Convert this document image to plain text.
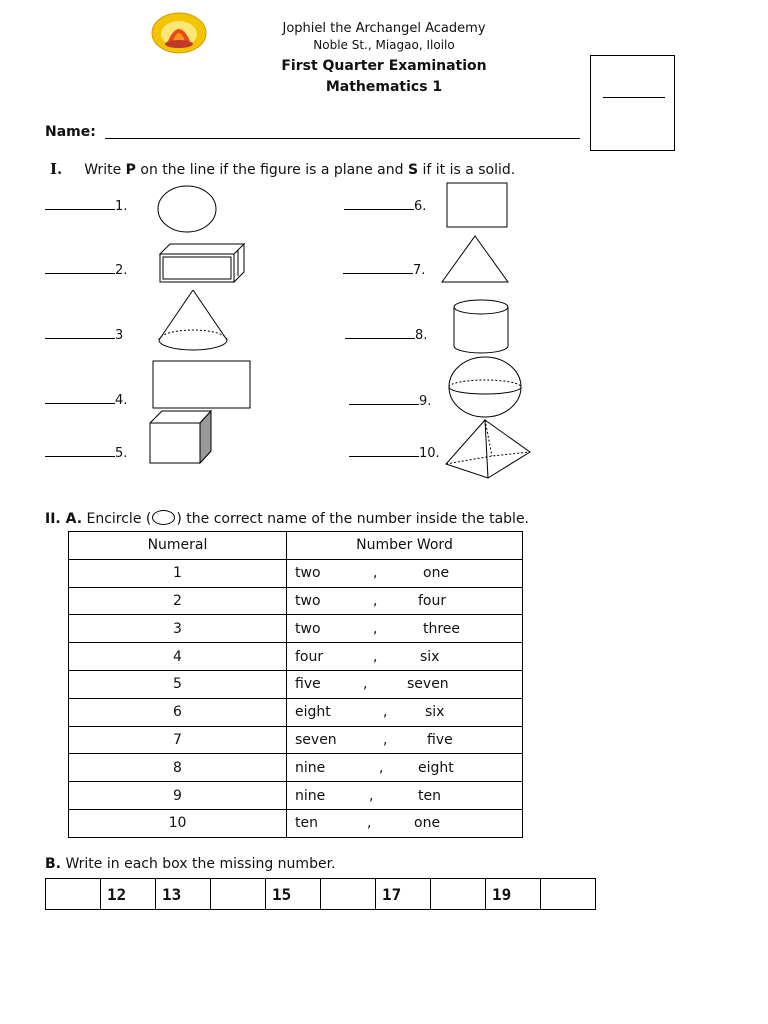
Jophiel the Archangel Academy
Noble St., Miagao, Iloilo
First Quarter Examination
Mathematics 1
Name:
I. Write P on the line if the figure is a plane and S if it is a solid.
1.
2.
3
4.
5.
6.
7.
8.
9.
10.
II. A. Encircle ( ) the correct name of the number inside the table.
Numeral	Number Word
1	two , one

2	two , four

3	two , three

4	four , six

5	five , seven

6	eight , six

7	seven , five

8	nine , eight

9	nine , ten

10	ten , one
B. Write in each box the missing number.
12	13	15	17	19
